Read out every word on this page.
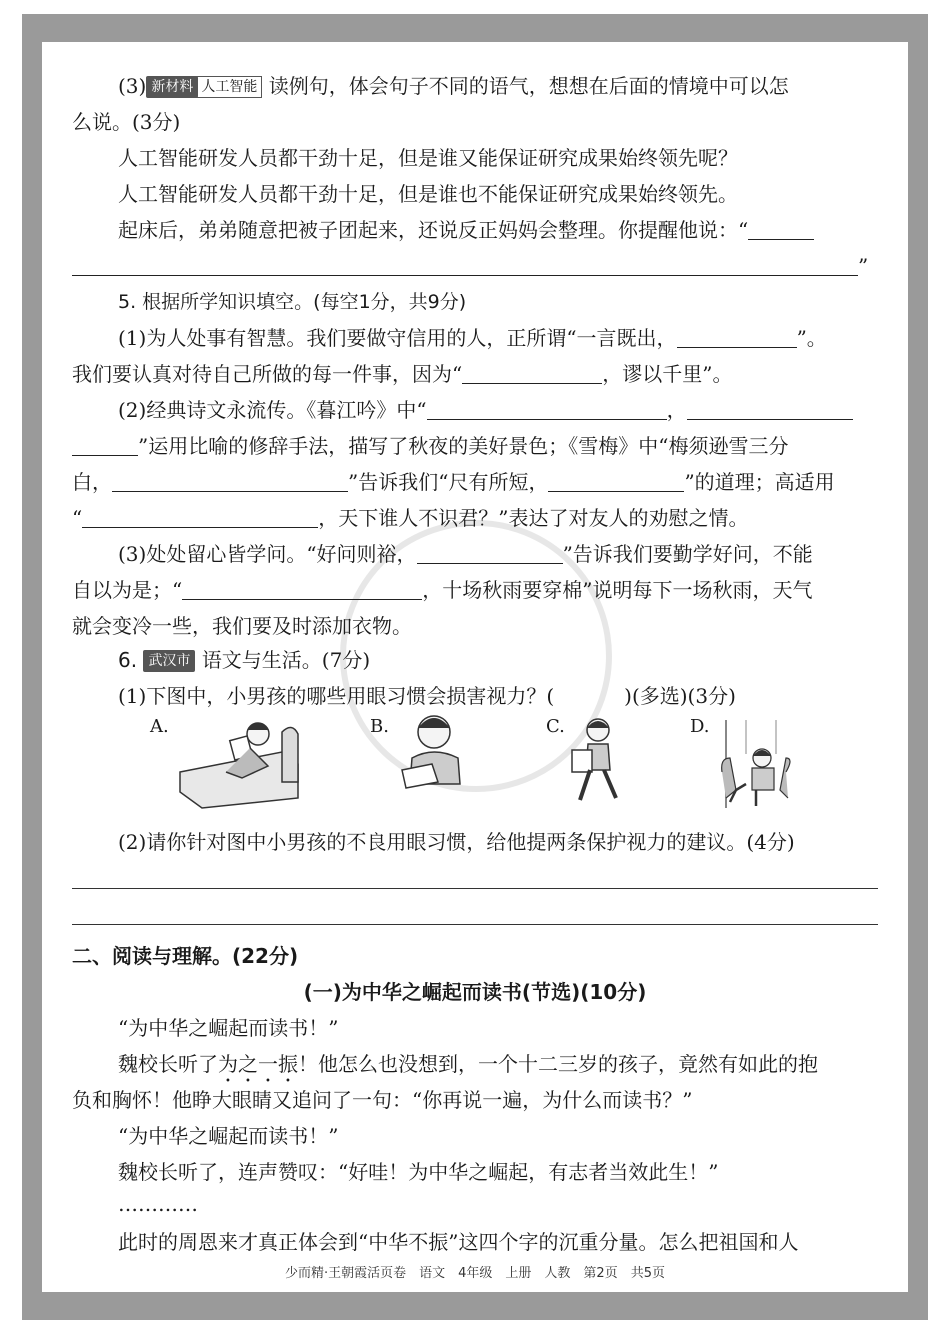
(3) 新材料 人工智能 读例句，体会句子不同的语气，想想在后面的情境中可以怎
么说。(3分)
人工智能研发人员都干劲十足，但是谁又能保证研究成果始终领先呢？
人工智能研发人员都干劲十足，但是谁也不能保证研究成果始终领先。
起床后，弟弟随意把被子团起来，还说反正妈妈会整理。你提醒他说：“
”
5. 根据所学知识填空。(每空1分，共9分)
(1)为人处事有智慧。我们要做守信用的人，正所谓“一言既出，	”。
我们要认真对待自己所做的每一件事，因为“	，谬以千里”。
(2)经典诗文永流传。《暮江吟》中“	，
”运用比喻的修辞手法，描写了秋夜的美好景色；《雪梅》中“梅须逊雪三分
白，	”告诉我们“尺有所短，	”的道理；高适用
“	，天下谁人不识君？”表达了对友人的劝慰之情。
(3)处处留心皆学问。“好问则裕，	”告诉我们要勤学好问，不能
自以为是；“	，十场秋雨要穿棉”说明每下一场秋雨，天气
就会变冷一些，我们要及时添加衣物。
6. 武汉市 语文与生活。(7分)
(1)下图中，小男孩的哪些用眼习惯会损害视力？(	)(多选)(3分)
A.	B.	C.	D.
(2)请你针对图中小男孩的不良用眼习惯，给他提两条保护视力的建议。(4分)
二、阅读与理解。(22分)
(一)为中华之崛起而读书(节选)(10分)
“为中华之崛起而读书！”
魏校长听了为之一振！他怎么也没想到，一个十二三岁的孩子，竟然有如此的抱
负和胸怀！他睁大眼睛又追问了一句：“你再说一遍，为什么而读书？”
“为中华之崛起而读书！”
魏校长听了，连声赞叹：“好哇！为中华之崛起，有志者当效此生！”
…………
此时的周恩来才真正体会到“中华不振”这四个字的沉重分量。怎么把祖国和人
少而精·王朝霞活页卷　语文　4年级　上册　人教　第2页　共5页
